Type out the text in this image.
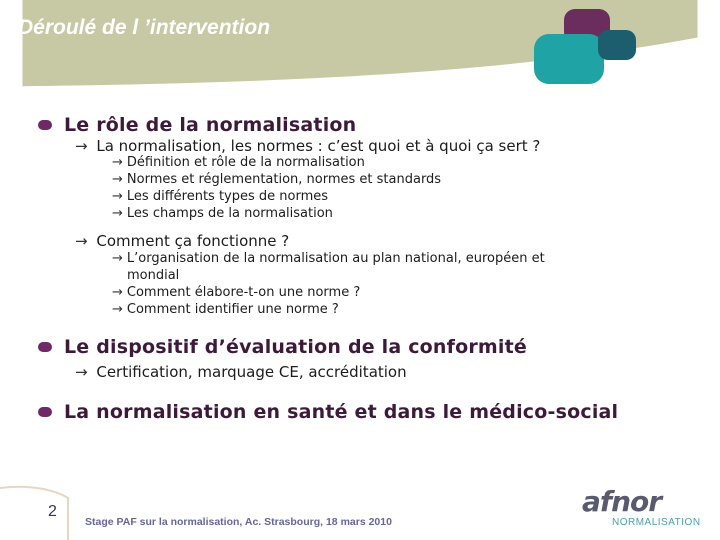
Déroulé de l ’intervention
Le rôle de la normalisation
→ La normalisation, les normes : c’est quoi et à quoi ça sert ?
→ Définition et rôle de la normalisation
→ Normes et réglementation, normes et standards
→ Les différents types de normes
→ Les champs de la normalisation
→ Comment ça fonctionne ?
→ L’organisation de la normalisation au plan national, européen et
mondial
→ Comment élabore-t-on une norme ?
→ Comment identifier une norme ?
Le dispositif d’évaluation de la conformité
→ Certification, marquage CE, accréditation
La normalisation en santé et dans le médico-social
2
Stage PAF sur la normalisation, Ac. Strasbourg, 18 mars 2010
afnor
NORMALISATION
